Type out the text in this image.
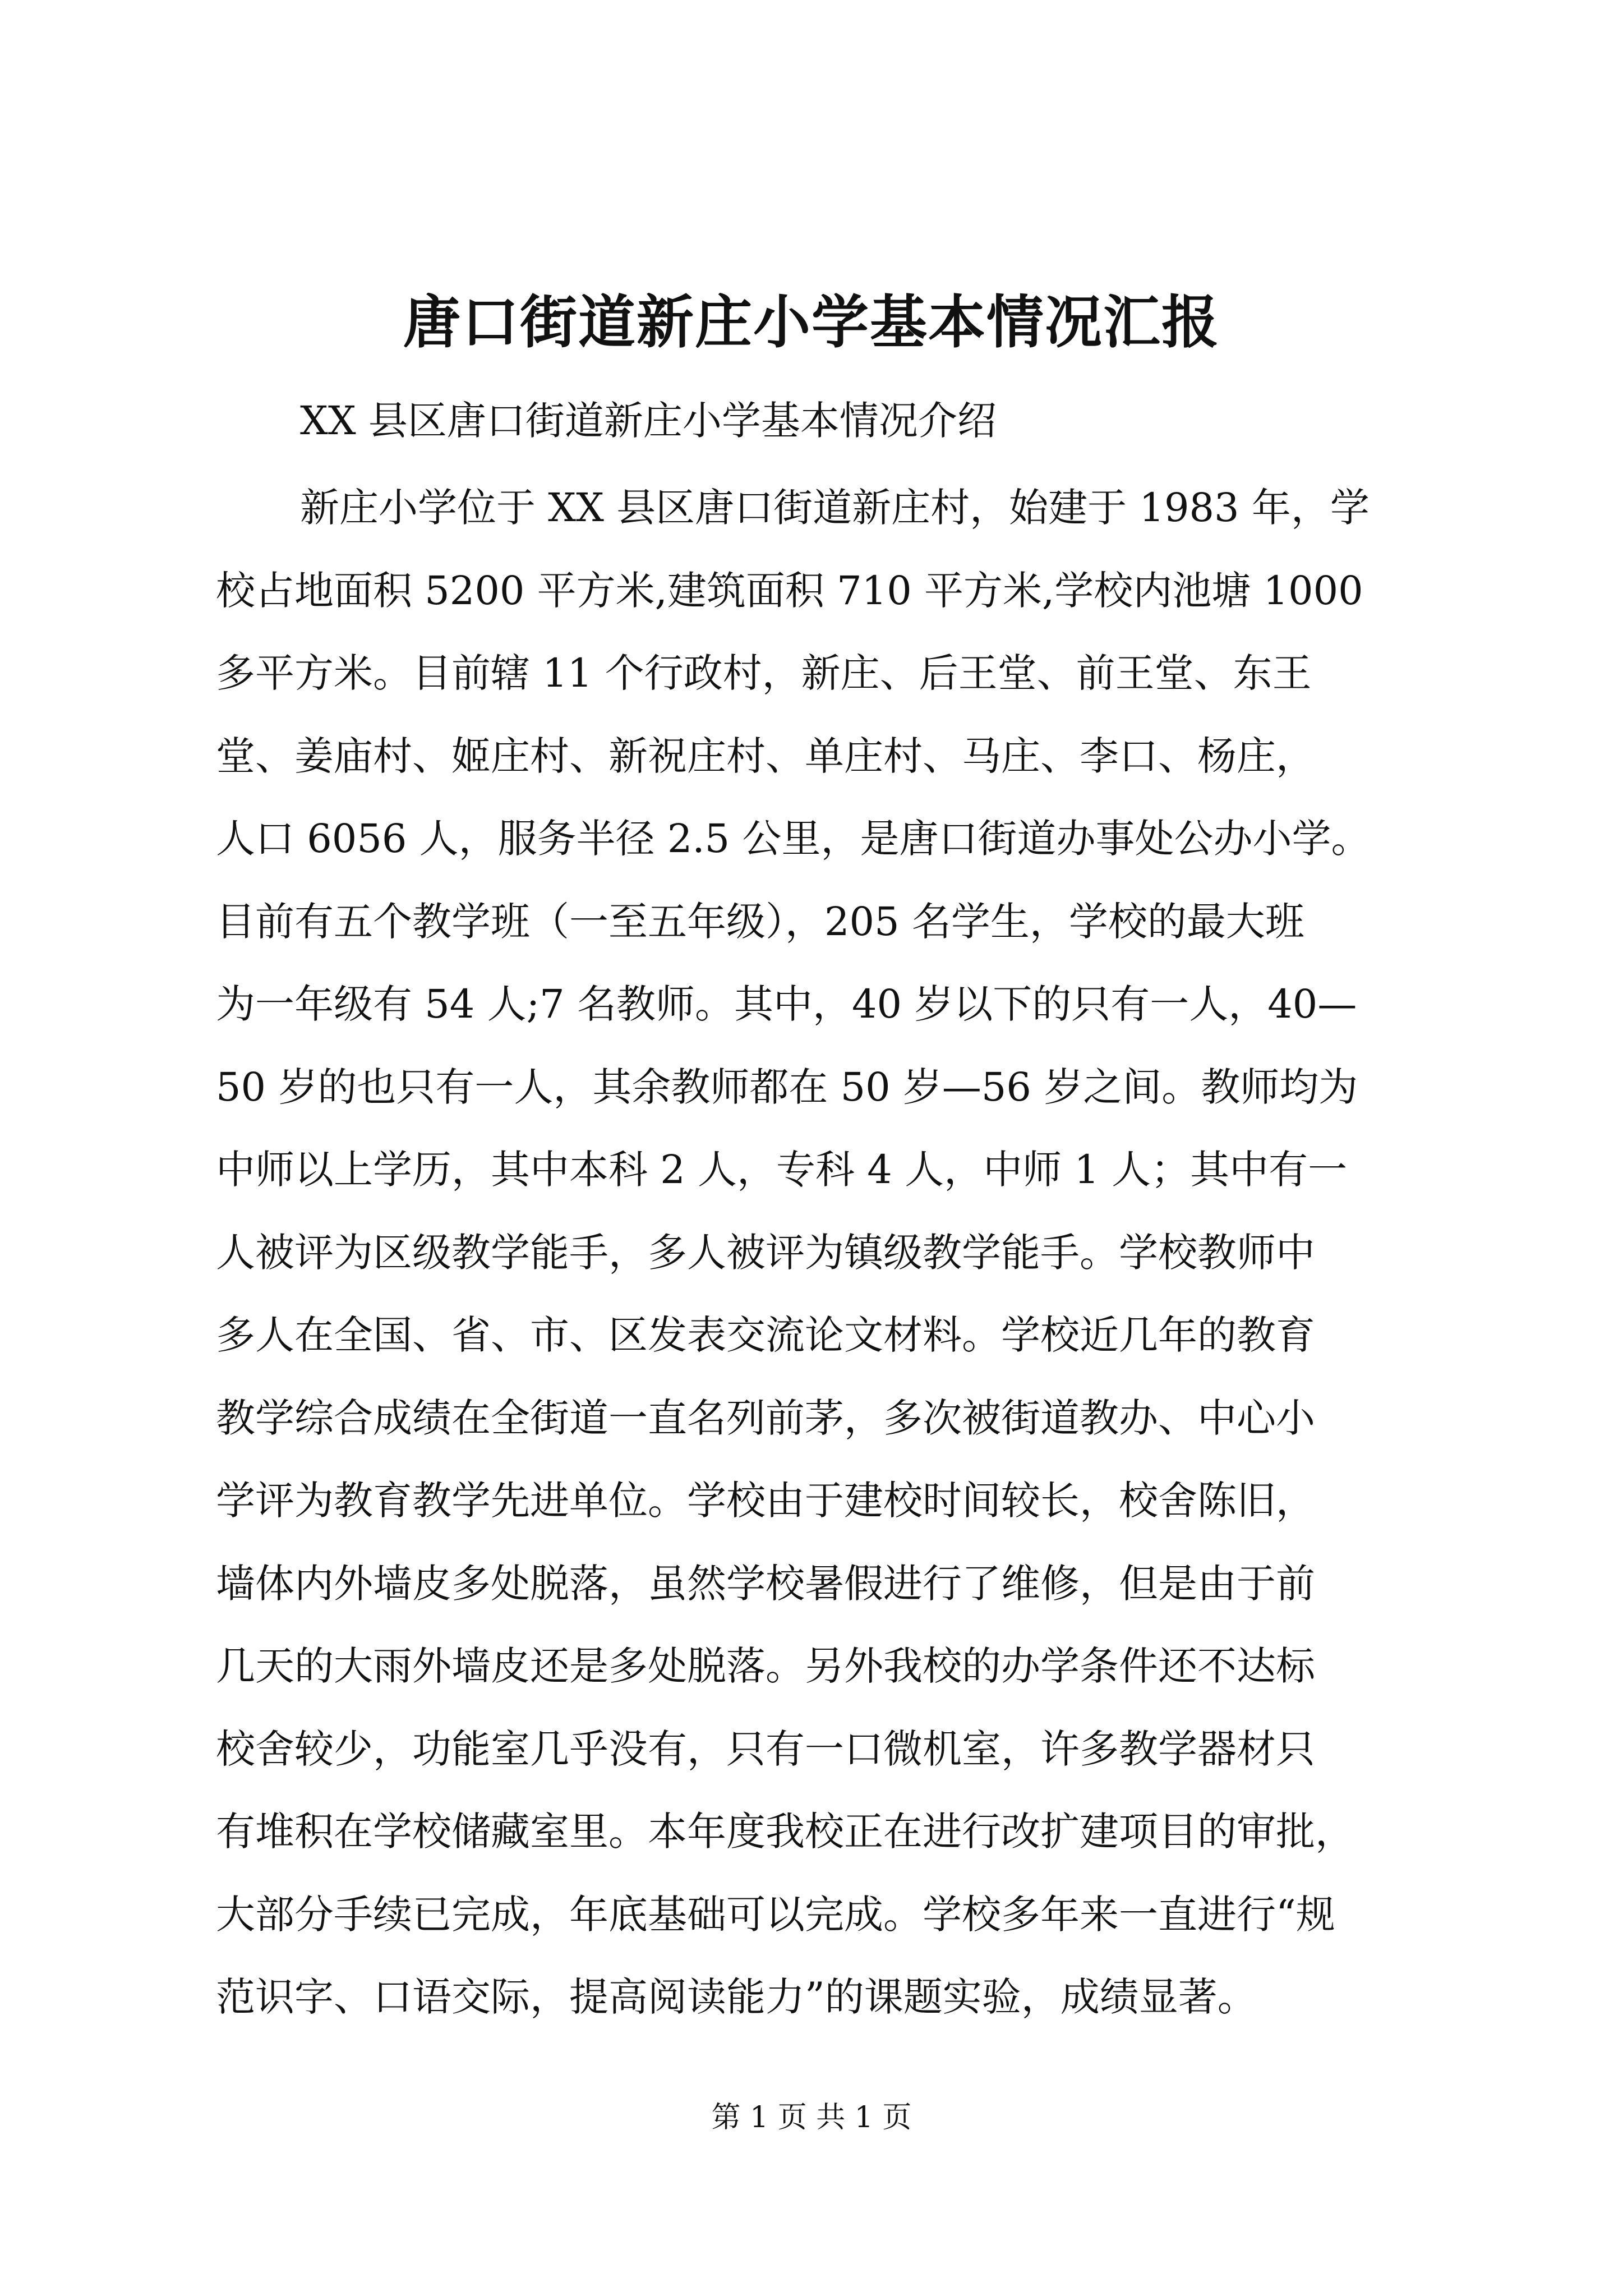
唐口街道新庄小学基本情况汇报
XX 县区唐口街道新庄小学基本情况介绍
新庄小学位于 XX 县区唐口街道新庄村，始建于 1983 年，学
校占地面积 5200 平方米,建筑面积 710 平方米,学校内池塘 1000
多平方米。目前辖 11 个行政村，新庄、后王堂、前王堂、东王
堂、姜庙村、姬庄村、新祝庄村、单庄村、马庄、李口、杨庄，
人口 6056 人，服务半径 2.5 公里，是唐口街道办事处公办小学。
目前有五个教学班（一至五年级），205 名学生，学校的最大班
为一年级有 54 人;7 名教师。其中，40 岁以下的只有一人，40—
50 岁的也只有一人，其余教师都在 50 岁—56 岁之间。教师均为
中师以上学历，其中本科 2 人，专科 4 人，中师 1 人；其中有一
人被评为区级教学能手，多人被评为镇级教学能手。学校教师中
多人在全国、省、市、区发表交流论文材料。学校近几年的教育
教学综合成绩在全街道一直名列前茅，多次被街道教办、中心小
学评为教育教学先进单位。学校由于建校时间较长，校舍陈旧，
墙体内外墙皮多处脱落，虽然学校暑假进行了维修，但是由于前
几天的大雨外墙皮还是多处脱落。另外我校的办学条件还不达标
校舍较少，功能室几乎没有，只有一口微机室，许多教学器材只
有堆积在学校储藏室里。本年度我校正在进行改扩建项目的审批，
大部分手续已完成，年底基础可以完成。学校多年来一直进行“规
范识字、口语交际，提高阅读能力”的课题实验，成绩显著。
第 1 页 共 1 页
